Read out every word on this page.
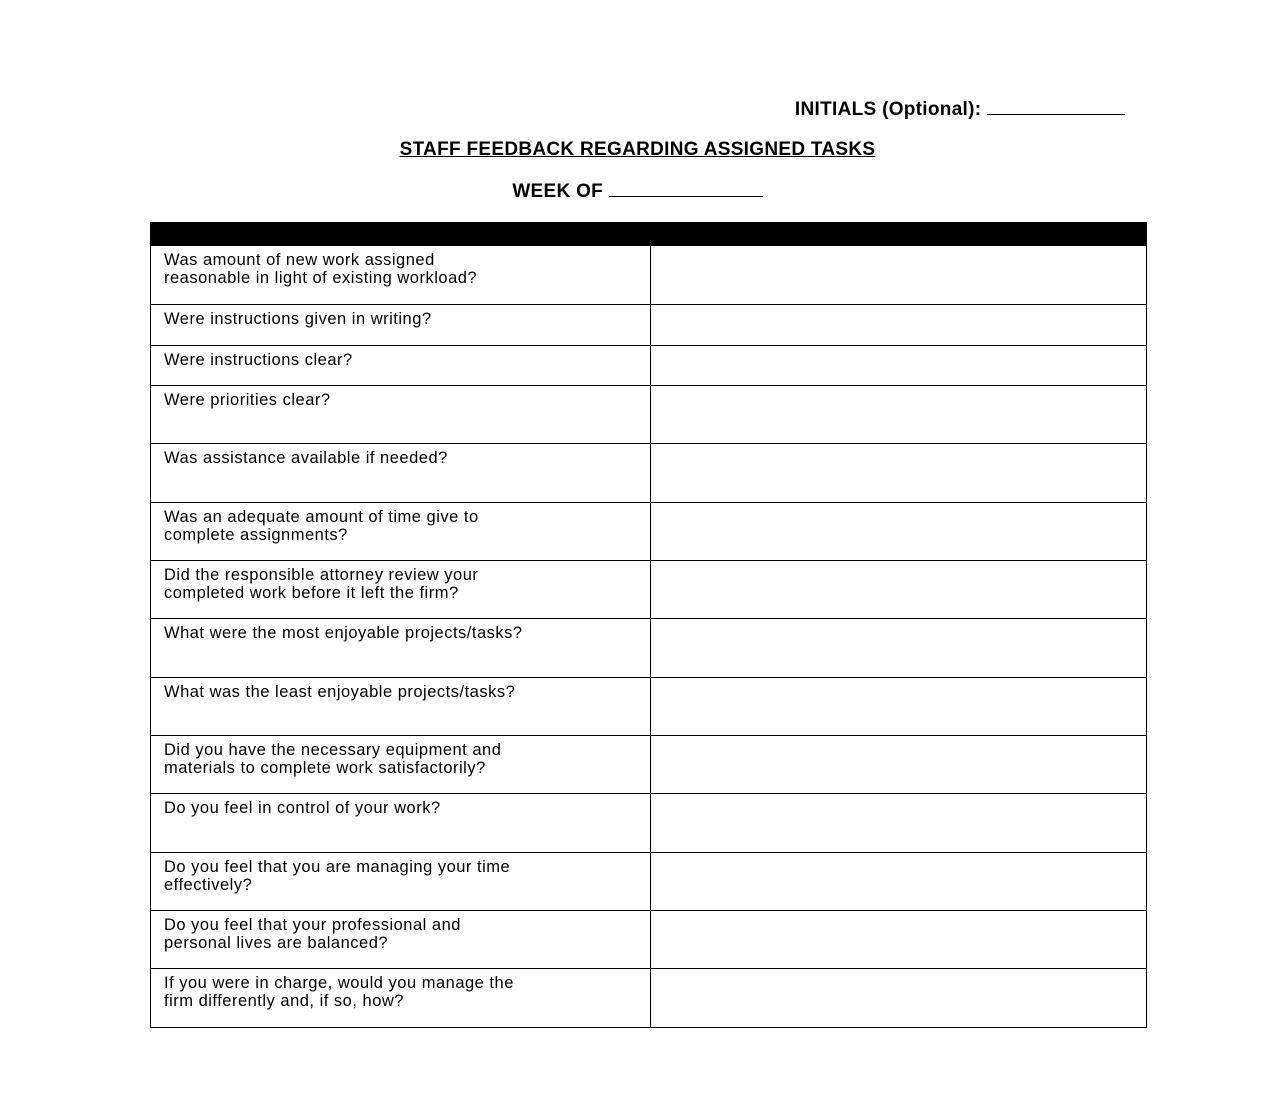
INITIALS (Optional):
STAFF FEEDBACK REGARDING ASSIGNED TASKS
WEEK OF

Was amount of new work assigned
reasonable in light of existing workload?	
Were instructions given in writing?	
Were instructions clear?	
Were priorities clear?	
Was assistance available if needed?	
Was an adequate amount of time give to
complete assignments?	
Did the responsible attorney review your
completed work before it left the firm?	
What were the most enjoyable projects/tasks?	
What was the least enjoyable projects/tasks?	
Did you have the necessary equipment and
materials to complete work satisfactorily?	
Do you feel in control of your work?	
Do you feel that you are managing your time
effectively?	
Do you feel that your professional and
personal lives are balanced?	
If you were in charge, would you manage the
firm differently and, if so, how?	
